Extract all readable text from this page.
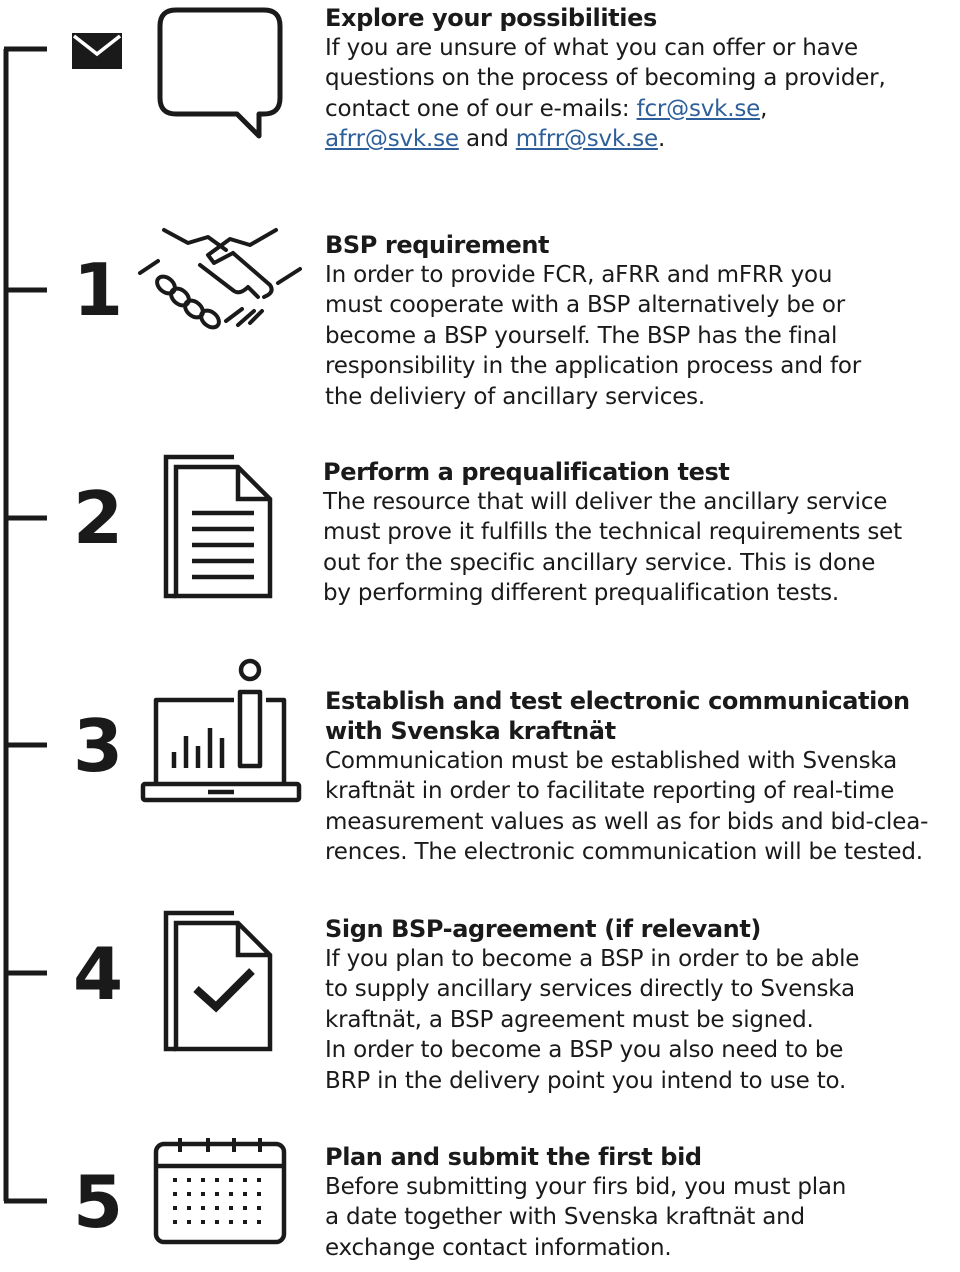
Explore your possibilities
If you are unsure of what you can offer or have
questions on the process of becoming a provider,
contact one of our e-mails: fcr@svk.se,
afrr@svk.se and mfrr@svk.se.
1
BSP requirement
In order to provide FCR, aFRR and mFRR you
must cooperate with a BSP alternatively be or
become a BSP yourself. The BSP has the final
responsibility in the application process and for
the deliviery of ancillary services.
2
Perform a prequalification test
The resource that will deliver the ancillary service
must prove it fulfills the technical requirements set
out for the specific ancillary service. This is done
by performing different prequalification tests.
3
Establish and test electronic communication
with Svenska kraftnät
Communication must be established with Svenska
kraftnät in order to facilitate reporting of real-time
measurement values as well as for bids and bid-clea-
rences. The electronic communication will be tested.
4
Sign BSP-agreement (if relevant)
If you plan to become a BSP in order to be able
to supply ancillary services directly to Svenska
kraftnät, a BSP agreement must be signed.
In order to become a BSP you also need to be
BRP in the delivery point you intend to use to.
5
Plan and submit the first bid
Before submitting your firs bid, you must plan
a date together with Svenska kraftnät and
exchange contact information.
